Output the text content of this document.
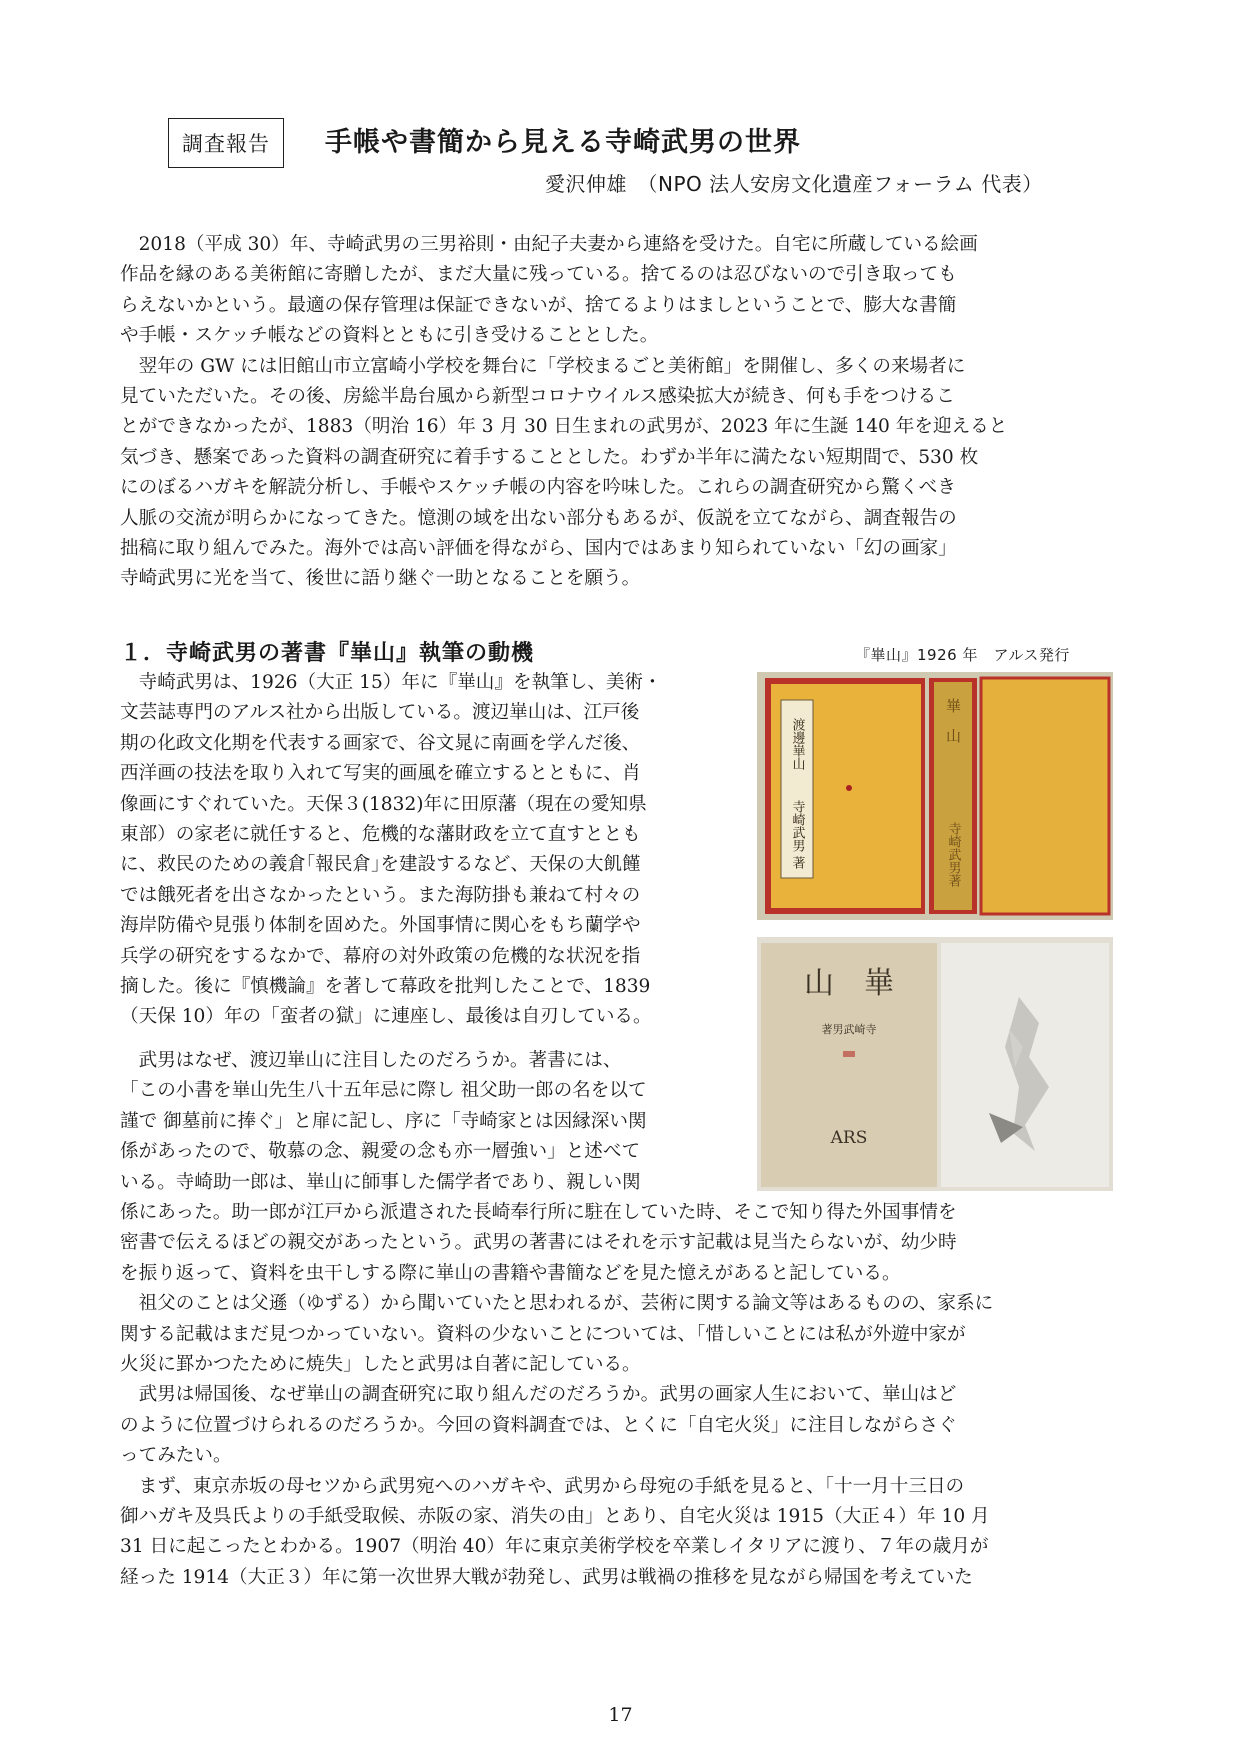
調査報告	手帳や書簡から見える寺崎武男の世界
愛沢伸雄　（NPO 法人安房文化遺産フォーラム 代表）
　2018（平成 30）年、寺崎武男の三男裕則・由紀子夫妻から連絡を受けた。自宅に所蔵している絵画
作品を縁のある美術館に寄贈したが、まだ大量に残っている。捨てるのは忍びないので引き取っても
らえないかという。最適の保存管理は保証できないが、捨てるよりはましということで、膨大な書簡
や手帳・スケッチ帳などの資料とともに引き受けることとした。
　翌年の GW には旧館山市立富崎小学校を舞台に「学校まるごと美術館」を開催し、多くの来場者に
見ていただいた。その後、房総半島台風から新型コロナウイルス感染拡大が続き、何も手をつけるこ
とができなかったが、1883（明治 16）年 3 月 30 日生まれの武男が、2023 年に生誕 140 年を迎えると
気づき、懸案であった資料の調査研究に着手することとした。わずか半年に満たない短期間で、530 枚
にのぼるハガキを解読分析し、手帳やスケッチ帳の内容を吟味した。これらの調査研究から驚くべき
人脈の交流が明らかになってきた。憶測の域を出ない部分もあるが、仮説を立てながら、調査報告の
拙稿に取り組んでみた。海外では高い評価を得ながら、国内ではあまり知られていない「幻の画家」
寺崎武男に光を当て、後世に語り継ぐ一助となることを願う。
１．寺崎武男の著書『崋山』執筆の動機	『崋山』1926 年　アルス発行
　寺崎武男は、1926（大正 15）年に『崋山』を執筆し、美術・
文芸誌専門のアルス社から出版している。渡辺崋山は、江戸後
期の化政文化期を代表する画家で、谷文晁に南画を学んだ後、
西洋画の技法を取り入れて写実的画風を確立するとともに、肖
像画にすぐれていた。天保３(1832)年に田原藩（現在の愛知県
東部）の家老に就任すると、危機的な藩財政を立て直すととも
に、救民のための義倉｢報民倉｣を建設するなど、天保の大飢饉
では餓死者を出さなかったという。また海防掛も兼ねて村々の
海岸防備や見張り体制を固めた。外国事情に関心をもち蘭学や
兵学の研究をするなかで、幕府の対外政策の危機的な状況を指
摘した。後に『慎機論』を著して幕政を批判したことで、1839
（天保 10）年の「蛮者の獄」に連座し、最後は自刃している。
　武男はなぜ、渡辺崋山に注目したのだろうか。著書には、
「この小書を崋山先生八十五年忌に際し 祖父助一郎の名を以て
謹で 御墓前に捧ぐ」と扉に記し、序に「寺崎家とは因縁深い関
係があったので、敬慕の念、親愛の念も亦一層強い」と述べて
いる。寺崎助一郎は、崋山に師事した儒学者であり、親しい関
係にあった。助一郎が江戸から派遣された長崎奉行所に駐在していた時、そこで知り得た外国事情を
密書で伝えるほどの親交があったという。武男の著書にはそれを示す記載は見当たらないが、幼少時
を振り返って、資料を虫干しする際に崋山の書籍や書簡などを見た憶えがあると記している。
　祖父のことは父遜（ゆずる）から聞いていたと思われるが、芸術に関する論文等はあるものの、家系に
関する記載はまだ見つかっていない。資料の少ないことについては、「惜しいことには私が外遊中家が
火災に罫かつたために焼失」したと武男は自著に記している。
　武男は帰国後、なぜ崋山の調査研究に取り組んだのだろうか。武男の画家人生において、崋山はど
のように位置づけられるのだろうか。今回の資料調査では、とくに「自宅火災」に注目しながらさぐ
ってみたい。
　まず、東京赤坂の母セツから武男宛へのハガキや、武男から母宛の手紙を見ると、「十一月十三日の
御ハガキ及呉氏よりの手紙受取候、赤阪の家、消失の由」とあり、自宅火災は 1915（大正４）年 10 月
31 日に起こったとわかる。1907（明治 40）年に東京美術学校を卒業しイタリアに渡り、７年の歳月が
経った 1914（大正３）年に第一次世界大戦が勃発し、武男は戦禍の推移を見ながら帰国を考えていた
渡邊崋山
寺崎武男 著
崋　山
寺崎武男著
山　崋
著男武崎寺
ARS
17
